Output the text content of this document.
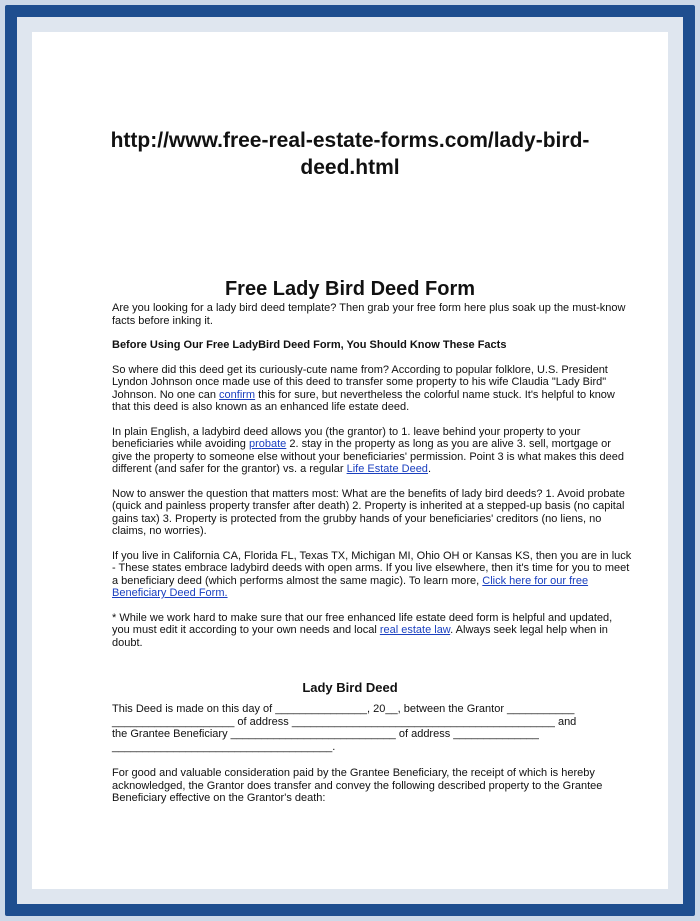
http://www.free-real-estate-forms.com/lady-bird-
deed.html
Free Lady Bird Deed Form

Are you looking for a lady bird deed template? Then grab your free form here plus soak up the must-know facts before inking it.

Before Using Our Free LadyBird Deed Form, You Should Know These Facts

So where did this deed get its curiously-cute name from? According to popular folklore, U.S. President Lyndon Johnson once made use of this deed to transfer some property to his wife Claudia "Lady Bird" Johnson. No one can confirm this for sure, but nevertheless the colorful name stuck. It's helpful to know that this deed is also known as an enhanced life estate deed.

In plain English, a ladybird deed allows you (the grantor) to 1. leave behind your property to your beneficiaries while avoiding probate 2. stay in the property as long as you are alive 3. sell, mortgage or give the property to someone else without your beneficiaries' permission. Point 3 is what makes this deed different (and safer for the grantor) vs. a regular Life Estate Deed.

Now to answer the question that matters most: What are the benefits of lady bird deeds? 1. Avoid probate (quick and painless property transfer after death) 2. Property is inherited at a stepped-up basis (no capital gains tax) 3. Property is protected from the grubby hands of your beneficiaries' creditors (no liens, no claims, no worries).

If you live in California CA, Florida FL, Texas TX, Michigan MI, Ohio OH or Kansas KS, then you are in luck - These states embrace ladybird deeds with open arms. If you live elsewhere, then it's time for you to meet a beneficiary deed (which performs almost the same magic). To learn more, Click here for our free Beneficiary Deed Form.

* While we work hard to make sure that our free enhanced life estate deed form is helpful and updated, you must edit it according to your own needs and local real estate law. Always seek legal help when in doubt.

Lady Bird Deed

This Deed is made on this day of _______________, 20__, between the Grantor ___________
____________________ of address ___________________________________________ and
the Grantee Beneficiary ___________________________ of address ______________
____________________________________.

For good and valuable consideration paid by the Grantee Beneficiary, the receipt of which is hereby acknowledged, the Grantor does transfer and convey the following described property to the Grantee Beneficiary effective on the Grantor's death:
